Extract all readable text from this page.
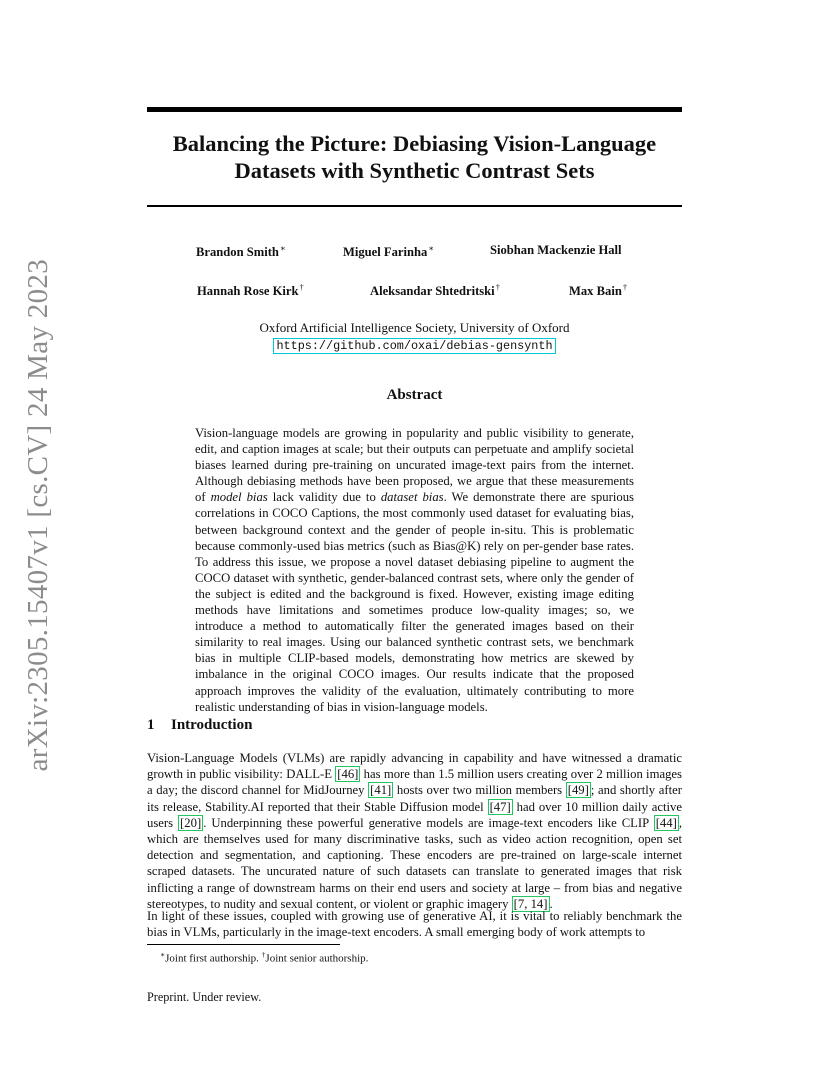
arXiv:2305.15407v1 [cs.CV] 24 May 2023
Balancing the Picture: Debiasing Vision-Language Datasets with Synthetic Contrast Sets
Brandon Smith∗	Miguel Farinha∗	Siobhan Mackenzie Hall
Hannah Rose Kirk†	Aleksandar Shtedritski†	Max Bain†
Oxford Artificial Intelligence Society, University of Oxford
https://github.com/oxai/debias-gensynth
Abstract

Vision-language models are growing in popularity and public visibility to generate, edit, and caption images at scale; but their outputs can perpetuate and amplify societal biases learned during pre-training on uncurated image-text pairs from the internet. Although debiasing methods have been proposed, we argue that these measurements of model bias lack validity due to dataset bias. We demonstrate there are spurious correlations in COCO Captions, the most commonly used dataset for evaluating bias, between background context and the gender of people in-situ. This is problematic because commonly-used bias metrics (such as Bias@K) rely on per-gender base rates. To address this issue, we propose a novel dataset debiasing pipeline to augment the COCO dataset with synthetic, gender-balanced contrast sets, where only the gender of the subject is edited and the background is fixed. However, existing image editing methods have limitations and sometimes produce low-quality images; so, we introduce a method to automatically filter the generated images based on their similarity to real images. Using our balanced synthetic contrast sets, we benchmark bias in multiple CLIP-based models, demonstrating how metrics are skewed by imbalance in the original COCO images. Our results indicate that the proposed approach improves the validity of the evaluation, ultimately contributing to more realistic understanding of bias in vision-language models.

1 Introduction

Vision-Language Models (VLMs) are rapidly advancing in capability and have witnessed a dramatic growth in public visibility: DALL-E [46] has more than 1.5 million users creating over 2 million images a day; the discord channel for MidJourney [41] hosts over two million members [49] ; and shortly after its release, Stability.AI reported that their Stable Diffusion model [47] had over 10 million daily active users [20] . Underpinning these powerful generative models are image-text encoders like CLIP [44] , which are themselves used for many discriminative tasks, such as video action recognition, open set detection and segmentation, and captioning. These encoders are pre-trained on large-scale internet scraped datasets. The uncurated nature of such datasets can translate to generated images that risk inflicting a range of downstream harms on their end users and society at large – from bias and negative stereotypes, to nudity and sexual content, or violent or graphic imagery [7, 14] .

In light of these issues, coupled with growing use of generative AI, it is vital to reliably benchmark the bias in VLMs, particularly in the image-text encoders. A small emerging body of work attempts to

∗Joint first authorship. †Joint senior authorship.
Preprint. Under review.
